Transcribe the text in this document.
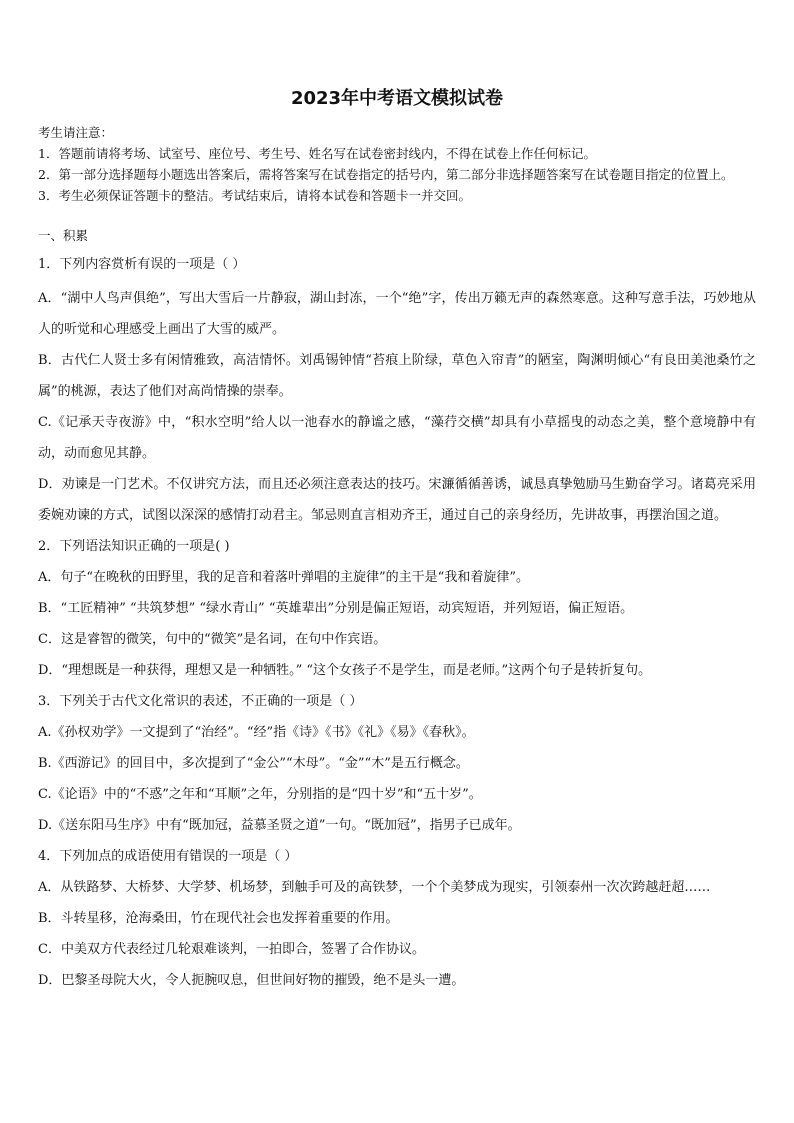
2023年中考语文模拟试卷

考生请注意：

1．答题前请将考场、试室号、座位号、考生号、姓名写在试卷密封线内，不得在试卷上作任何标记。

2．第一部分选择题每小题选出答案后，需将答案写在试卷指定的括号内，第二部分非选择题答案写在试卷题目指定的位置上。

3．考生必须保证答题卡的整洁。考试结束后，请将本试卷和答题卡一并交回。

一、积累

1．下列内容赏析有误的一项是（ ）

A．“湖中人鸟声俱绝”，写出大雪后一片静寂，湖山封冻，一个“绝”字，传出万籁无声的森然寒意。这种写意手法，巧妙地从人的听觉和心理感受上画出了大雪的威严。

B．古代仁人贤士多有闲情雅致，高洁情怀。刘禹锡钟情“苔痕上阶绿，草色入帘青”的陋室，陶渊明倾心“有良田美池桑竹之属”的桃源，表达了他们对高尚情操的崇奉。

C.《记承天寺夜游》中，“积水空明”给人以一池春水的静谧之感，“藻荇交横”却具有小草摇曳的动态之美，整个意境静中有动，动而愈见其静。

D．劝谏是一门艺术。不仅讲究方法，而且还必须注意表达的技巧。宋濂循循善诱，诚恳真挚勉励马生勤奋学习。诸葛亮采用委婉劝谏的方式，试图以深深的感情打动君主。邹忌则直言相劝齐王，通过自己的亲身经历，先讲故事，再摆治国之道。

2．下列语法知识正确的一项是( )

A．句子“在晚秋的田野里，我的足音和着落叶弹唱的主旋律”的主干是“我和着旋律”。

B．“工匠精神” “共筑梦想” “绿水青山” “英雄辈出”分别是偏正短语，动宾短语，并列短语，偏正短语。

C．这是睿智的微笑，句中的“微笑”是名词，在句中作宾语。

D．“理想既是一种获得，理想又是一种牺牲。” “这个女孩子不是学生，而是老师。”这两个句子是转折复句。

3．下列关于古代文化常识的表述，不正确的一项是（ ）

A.《孙权劝学》一文提到了“治经”。“经”指《诗》《书》《礼》《易》《春秋》。

B.《西游记》的回目中，多次提到了“金公”“木母”。“金”“木”是五行概念。

C.《论语》中的“不惑”之年和“耳顺”之年，分别指的是“四十岁”和“五十岁”。

D.《送东阳马生序》中有“既加冠，益慕圣贤之道”一句。“既加冠”，指男子已成年。

4．下列加点的成语使用有错误的一项是（ ）

A．从铁路梦、大桥梦、大学梦、机场梦，到触手可及的高铁梦，一个个美梦成为现实，引领泰州一次次跨越赶超……

B．斗转星移，沧海桑田，竹在现代社会也发挥着重要的作用。

C．中美双方代表经过几轮艰难谈判，一拍即合，签署了合作协议。

D．巴黎圣母院大火，令人扼腕叹息，但世间好物的摧毁，绝不是头一遭。
